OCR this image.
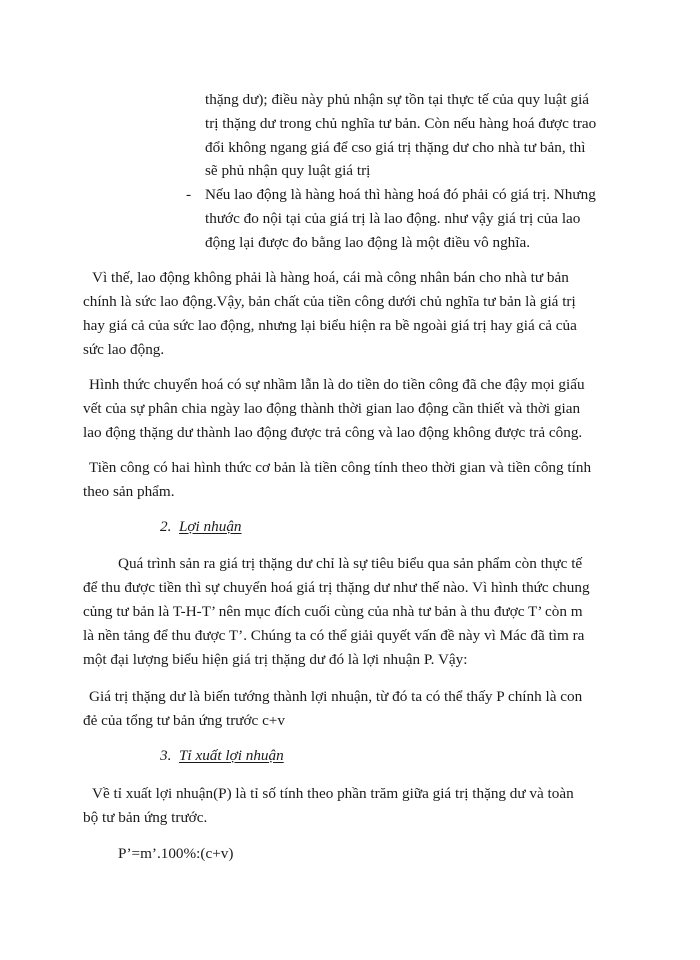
thặng dư); điều này phủ nhận sự tồn tại thực tế của quy luật giá
trị thặng dư trong chủ nghĩa tư bản. Còn nếu hàng hoá được trao
đổi không ngang giá để cso giá trị thặng dư cho nhà tư bản, thì
sẽ phủ nhận quy luật giá trị
- Nếu lao động là hàng hoá thì hàng hoá đó phải có giá trị. Nhưng
thước đo nội tại của giá trị là lao động. như vậy giá trị của lao
động lại được đo bằng lao động là một điều vô nghĩa.
Vì thế, lao động không phải là hàng hoá, cái mà công nhân bán cho nhà tư bản
chính là sức lao động.Vậy, bản chất của tiền công dưới chủ nghĩa tư bản là giá trị
hay giá cả của sức lao động, nhưng lại biểu hiện ra bề ngoài giá trị hay giá cả của
sức lao động.
Hình thức chuyển hoá có sự nhầm lẫn là do tiền do tiền công đã che đậy mọi giấu
vết của sự phân chia ngày lao động thành thời gian lao động cần thiết và thời gian
lao động thặng dư thành lao động được trả công và lao động không được trả công.
Tiền công có hai hình thức cơ bản là tiền công tính theo thời gian và tiền công tính
theo sản phẩm.
2. Lợi nhuận
Quá trình sản ra giá trị thặng dư chỉ là sự tiêu biểu qua sản phẩm còn thực tế
để thu được tiền thì sự chuyển hoá giá trị thặng dư như thế nào. Vì hình thức chung
củng tư bản là T-H-T’ nên mục đích cuối cùng của nhà tư bản à thu được T’ còn m
là nền tảng để thu được T’. Chúng ta có thể giải quyết vấn đề này vì Mác đã tìm ra
một đại lượng biểu hiện giá trị thặng dư đó là lợi nhuận P. Vậy:
Giá trị thặng dư là biến tướng thành lợi nhuận, từ đó ta có thể thấy P chính là con
đẻ của tổng tư bản ứng trước c+v
3. Tỉ xuất lợi nhuận
Về tỉ xuất lợi nhuận(P) là tỉ số tính theo phần trăm giữa giá trị thặng dư và toàn
bộ tư bản ứng trước.
P’=m’.100%:(c+v)
